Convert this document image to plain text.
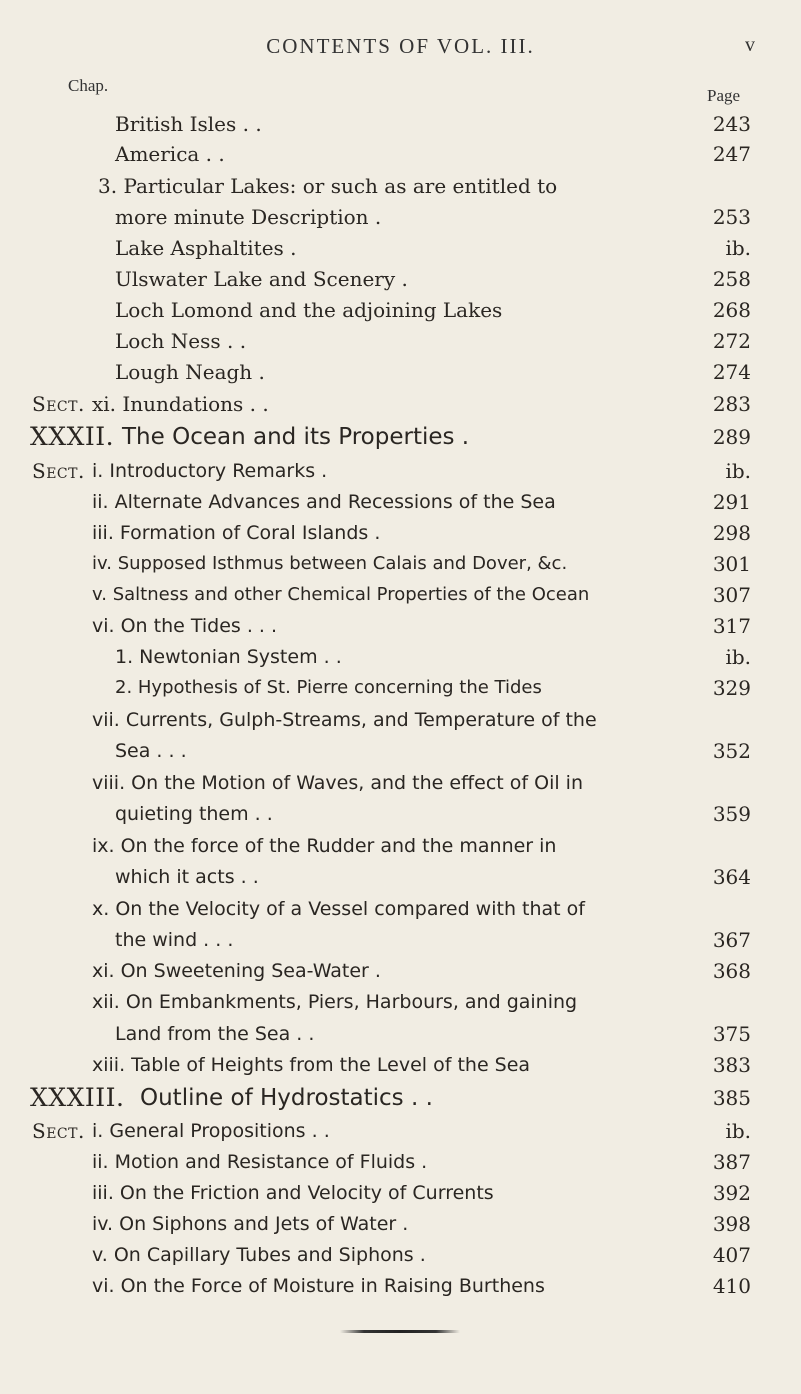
CONTENTS OF VOL. III.	v
Chap.
Page
British Isles . .	243
America . .	247
3. Particular Lakes: or such as are entitled to
more minute Description .	253
Lake Asphaltites .	ib.
Ulswater Lake and Scenery .	258
Loch Lomond and the adjoining Lakes	268
Loch Ness . .	272
Lough Neagh .	274
Sect. xi. Inundations . .	283
XXXII. The Ocean and its Properties .	289
Sect. i. Introductory Remarks .	ib.
ii. Alternate Advances and Recessions of the Sea	291
iii. Formation of Coral Islands .	298
iv. Supposed Isthmus between Calais and Dover, &c.	301
v. Saltness and other Chemical Properties of the Ocean	307
vi. On the Tides . . .	317
1. Newtonian System . .	ib.
2. Hypothesis of St. Pierre concerning the Tides	329
vii. Currents, Gulph-Streams, and Temperature of the
Sea . . .	352
viii. On the Motion of Waves, and the effect of Oil in
quieting them . .	359
ix. On the force of the Rudder and the manner in
which it acts . .	364
x. On the Velocity of a Vessel compared with that of
the wind . . .	367
xi. On Sweetening Sea-Water .	368
xii. On Embankments, Piers, Harbours, and gaining
Land from the Sea . .	375
xiii. Table of Heights from the Level of the Sea	383
XXXIII. Outline of Hydrostatics . .	385
Sect. i. General Propositions . .	ib.
ii. Motion and Resistance of Fluids .	387
iii. On the Friction and Velocity of Currents	392
iv. On Siphons and Jets of Water .	398
v. On Capillary Tubes and Siphons .	407
vi. On the Force of Moisture in Raising Burthens	410
